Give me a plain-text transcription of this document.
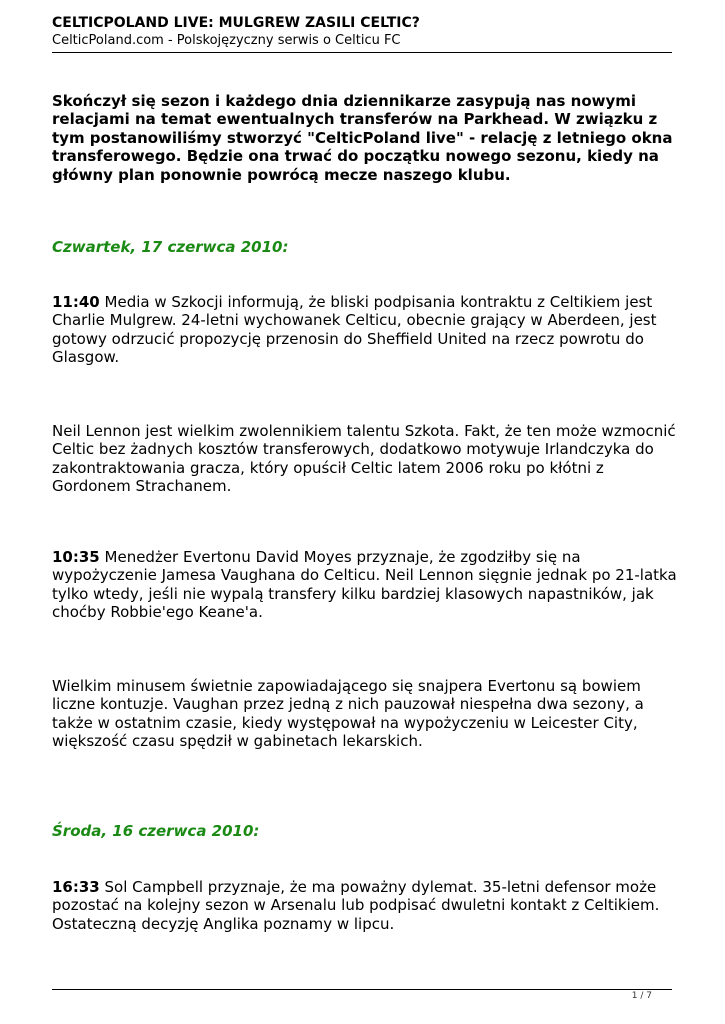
CELTICPOLAND LIVE: MULGREW ZASILI CELTIC?
CelticPoland.com - Polskojęzyczny serwis o Celticu FC
Skończył się sezon i każdego dnia dziennikarze zasypują nas nowymi relacjami na temat ewentualnych transferów na Parkhead. W związku z tym postanowiliśmy stworzyć "CelticPoland live" - relację z letniego okna transferowego. Będzie ona trwać do początku nowego sezonu, kiedy na główny plan ponownie powrócą mecze naszego klubu.
Czwartek, 17 czerwca 2010:
11:40 Media w Szkocji informują, że bliski podpisania kontraktu z Celtikiem jest Charlie Mulgrew. 24-letni wychowanek Celticu, obecnie grający w Aberdeen, jest gotowy odrzucić propozycję przenosin do Sheffield United na rzecz powrotu do Glasgow.
Neil Lennon jest wielkim zwolennikiem talentu Szkota. Fakt, że ten może wzmocnić Celtic bez żadnych kosztów transferowych, dodatkowo motywuje Irlandczyka do zakontraktowania gracza, który opuścił Celtic latem 2006 roku po kłótni z Gordonem Strachanem.
10:35 Menedżer Evertonu David Moyes przyznaje, że zgodziłby się na wypożyczenie Jamesa Vaughana do Celticu. Neil Lennon sięgnie jednak po 21-latka tylko wtedy, jeśli nie wypalą transfery kilku bardziej klasowych napastników, jak choćby Robbie'ego Keane'a.
Wielkim minusem świetnie zapowiadającego się snajpera Evertonu są bowiem liczne kontuzje. Vaughan przez jedną z nich pauzował niespełna dwa sezony, a także w ostatnim czasie, kiedy występował na wypożyczeniu w Leicester City, większość czasu spędził w gabinetach lekarskich.
Środa, 16 czerwca 2010:
16:33 Sol Campbell przyznaje, że ma poważny dylemat. 35-letni defensor może pozostać na kolejny sezon w Arsenalu lub podpisać dwuletni kontakt z Celtikiem. Ostateczną decyzję Anglika poznamy w lipcu.
1 / 7
